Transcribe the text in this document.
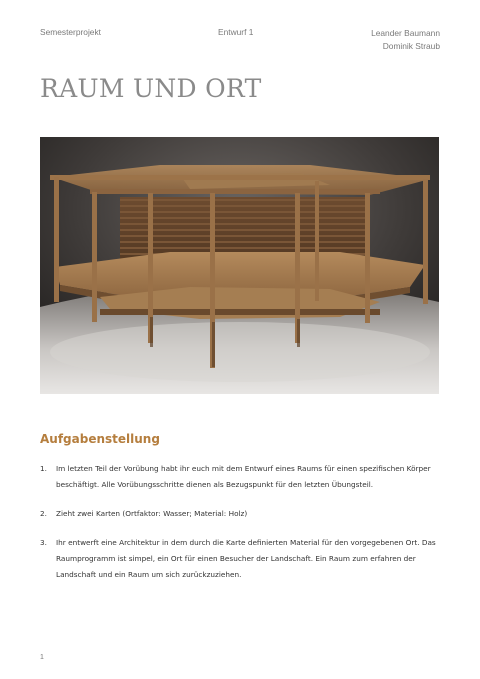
Semesterprojekt	Entwurf 1	Leander Baumann
Dominik Straub
RAUM UND ORT
Aufgabenstellung
1. Im letzten Teil der Vorübung habt ihr euch mit dem Entwurf eines Raums für einen spezifischen Körper beschäftigt. Alle Vorübungsschritte dienen als Bezugspunkt für den letzten Übungsteil.
2. Zieht zwei Karten (Ortfaktor: Wasser; Material: Holz)
3. Ihr entwerft eine Architektur in dem durch die Karte definierten Material für den vorgegebenen Ort. Das Raumprogramm ist simpel, ein Ort für einen Besucher der Landschaft. Ein Raum zum erfahren der Landschaft und ein Raum um sich zurückzuziehen.
1
